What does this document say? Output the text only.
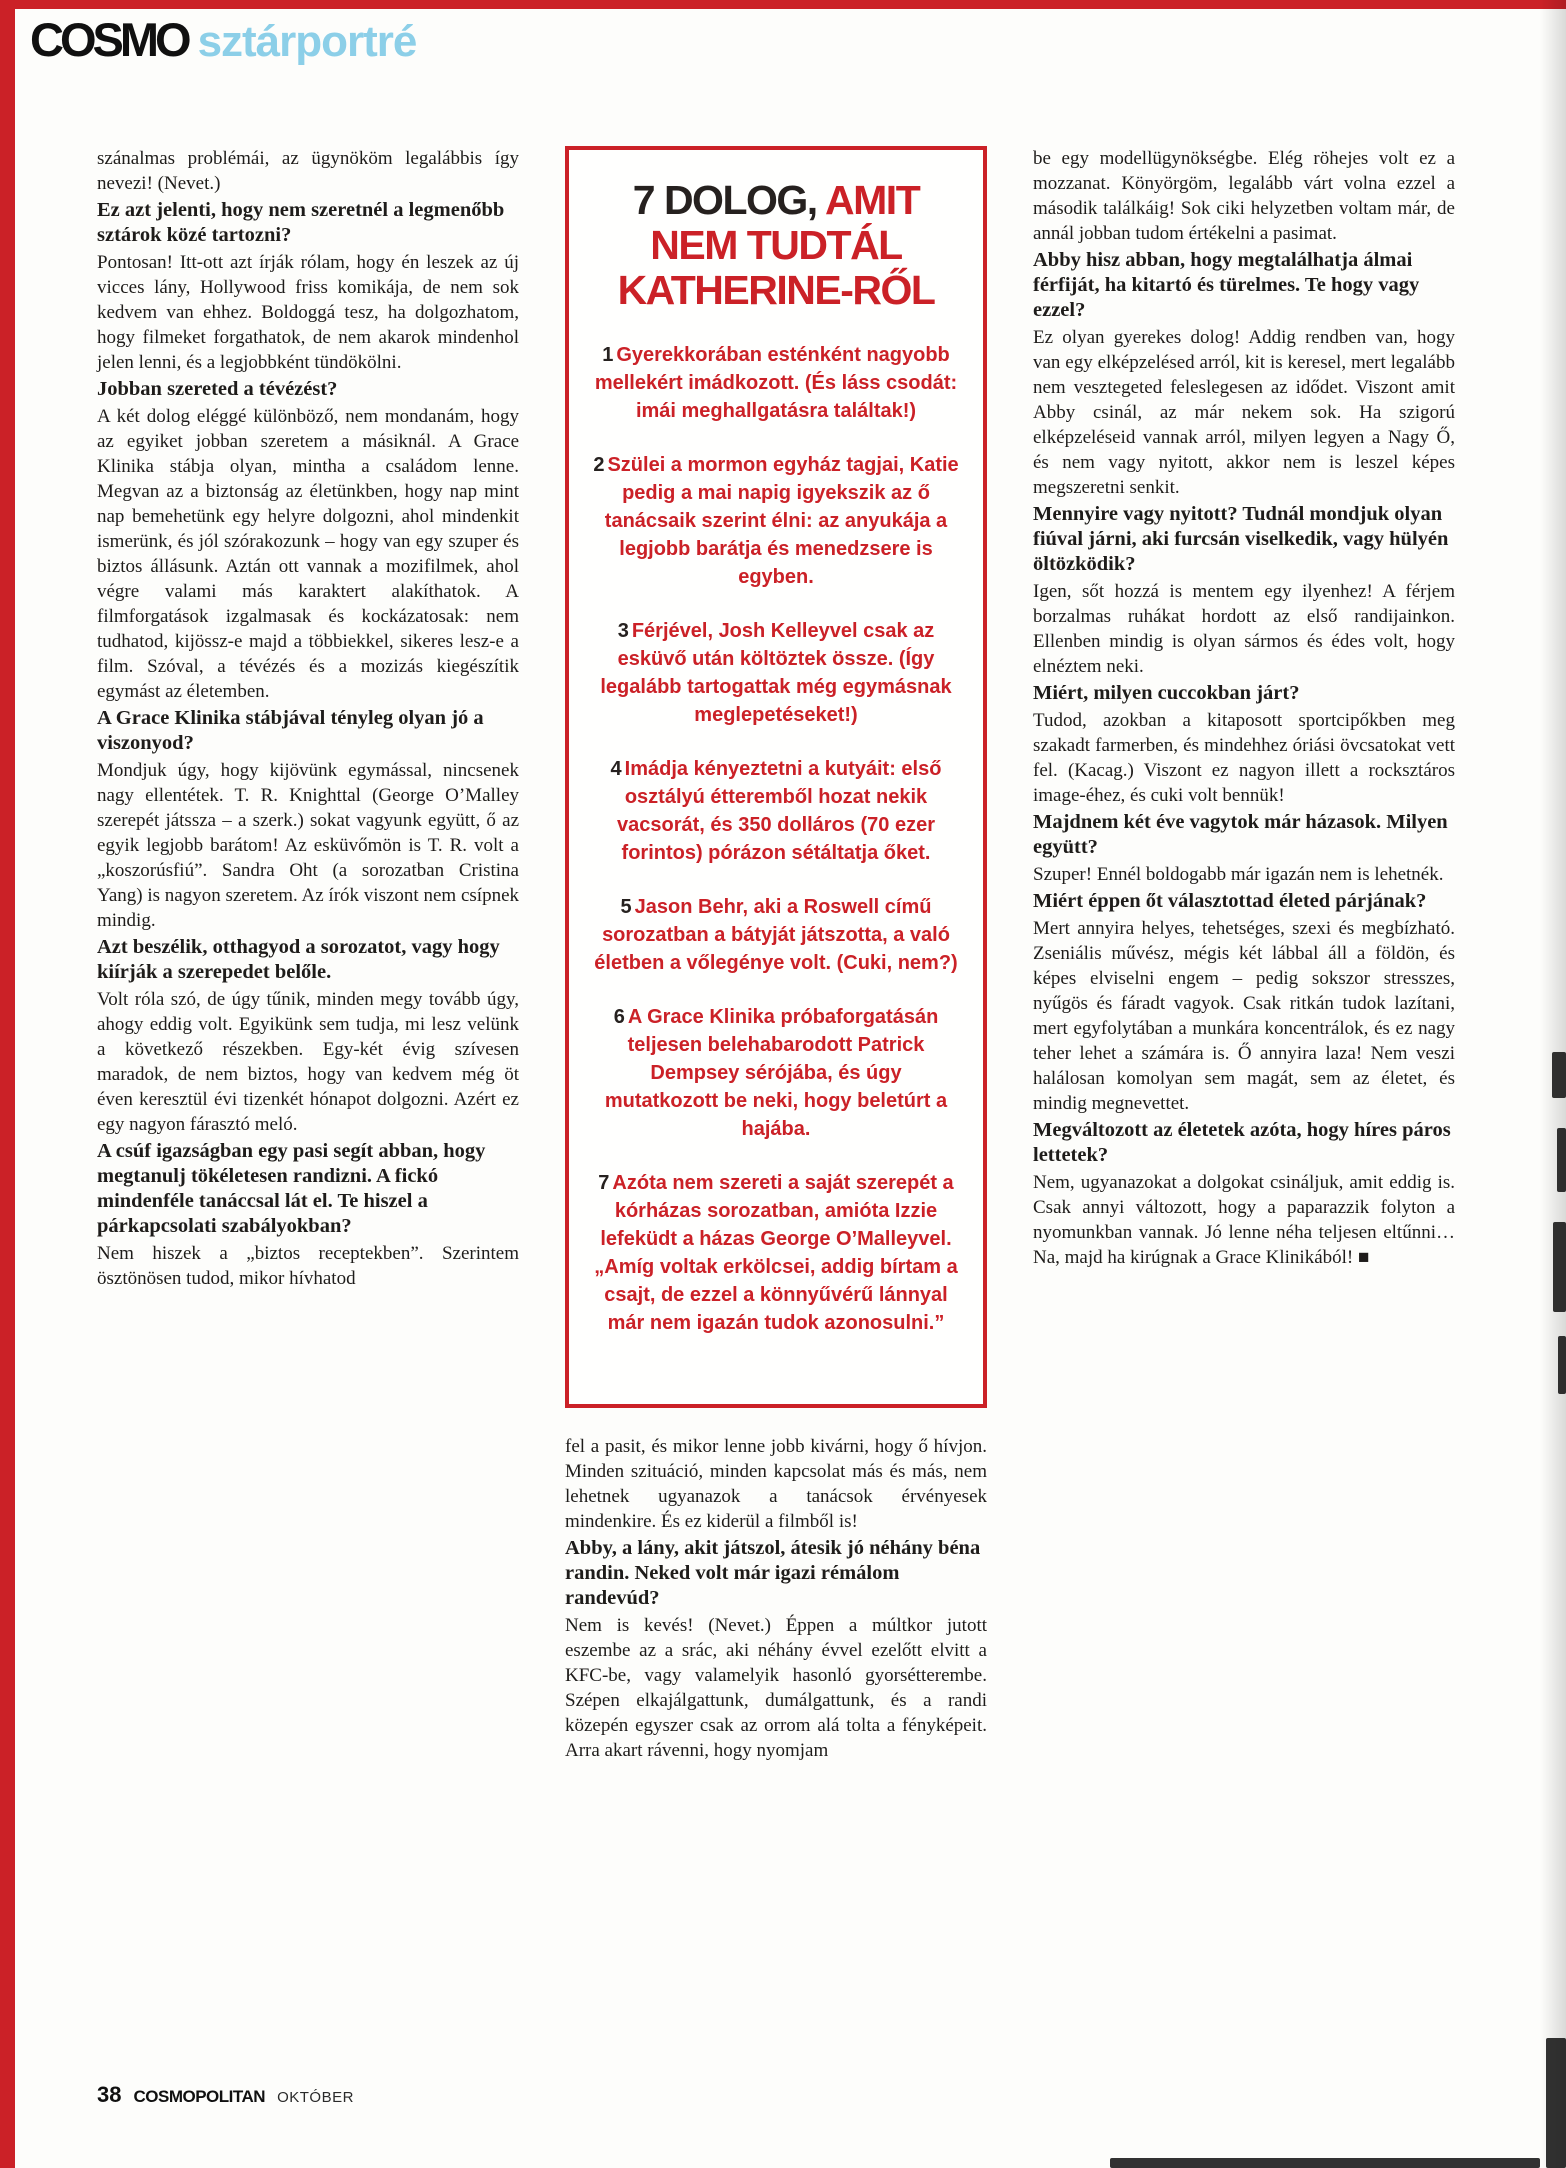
COSMO sztárportré

szánalmas problémái, az ügynököm legalábbis így nevezi! (Nevet.)

Ez azt jelenti, hogy nem szeretnél a legmenőbb sztárok közé tartozni?

Pontosan! Itt-ott azt írják rólam, hogy én leszek az új vicces lány, Hollywood friss komikája, de nem sok kedvem van ehhez. Boldoggá tesz, ha dolgozhatom, hogy filmeket forgathatok, de nem akarok mindenhol jelen lenni, és a legjobbként tündökölni.

Jobban szereted a tévézést?

A két dolog eléggé különböző, nem mondanám, hogy az egyiket jobban szeretem a másiknál. A Grace Klinika stábja olyan, mintha a családom lenne. Megvan az a biztonság az életünkben, hogy nap mint nap bemehetünk egy helyre dolgozni, ahol mindenkit ismerünk, és jól szórakozunk – hogy van egy szuper és biztos állásunk. Aztán ott vannak a mozifilmek, ahol végre valami más karaktert alakíthatok. A filmforgatások izgalmasak és kockázatosak: nem tudhatod, kijössz-e majd a többiekkel, sikeres lesz-e a film. Szóval, a tévézés és a mozizás kiegészítik egymást az életemben.

A Grace Klinika stábjával tényleg olyan jó a viszonyod?

Mondjuk úgy, hogy kijövünk egymással, nincsenek nagy ellentétek. T. R. Knighttal (George O’Malley szerepét játssza – a szerk.) sokat vagyunk együtt, ő az egyik legjobb barátom! Az esküvőmön is T. R. volt a „koszorúsfiú”. Sandra Oht (a sorozatban Cristina Yang) is nagyon szeretem. Az írók viszont nem csípnek mindig.

Azt beszélik, otthagyod a sorozatot, vagy hogy kiírják a szerepedet belőle.

Volt róla szó, de úgy tűnik, minden megy tovább úgy, ahogy eddig volt. Egyikünk sem tudja, mi lesz velünk a következő részekben. Egy-két évig szívesen maradok, de nem biztos, hogy van kedvem még öt éven keresztül évi tizenkét hónapot dolgozni. Azért ez egy nagyon fárasztó meló.

A csúf igazságban egy pasi segít abban, hogy megtanulj tökéletesen randizni. A fickó mindenféle tanáccsal lát el. Te hiszel a párkapcsolati szabályokban?

Nem hiszek a „biztos receptekben”. Szerintem ösztönösen tudod, mikor hívhatod

7 DOLOG, AMIT
NEM TUDTÁL
KATHERINE-RŐL

1 Gyerekkorában esténként nagyobb mellekért imádkozott. (És láss csodát: imái meghallgatásra találtak!)

2 Szülei a mormon egyház tagjai, Katie pedig a mai napig igyekszik az ő tanácsaik szerint élni: az anyukája a legjobb barátja és menedzsere is egyben.

3 Férjével, Josh Kelleyvel csak az esküvő után költöztek össze. (Így legalább tartogattak még egymásnak meglepetéseket!)

4 Imádja kényeztetni a kutyáit: első osztályú étteremből hozat nekik vacsorát, és 350 dolláros (70 ezer forintos) pórázon sétáltatja őket.

5 Jason Behr, aki a Roswell című sorozatban a bátyját játszotta, a való életben a vőlegénye volt. (Cuki, nem?)

6 A Grace Klinika próbaforgatásán teljesen belehabarodott Patrick Dempsey sérójába, és úgy mutatkozott be neki, hogy beletúrt a hajába.

7 Azóta nem szereti a saját szerepét a kórházas sorozatban, amióta Izzie lefeküdt a házas George O’Malleyvel. „Amíg voltak erkölcsei, addig bírtam a csajt, de ezzel a könnyűvérű lánnyal már nem igazán tudok azonosulni.”

fel a pasit, és mikor lenne jobb kivárni, hogy ő hívjon. Minden szituáció, minden kapcsolat más és más, nem lehetnek ugyanazok a tanácsok érvényesek mindenkire. És ez kiderül a filmből is!

Abby, a lány, akit játszol, átesik jó néhány béna randin. Neked volt már igazi rémálom randevúd?

Nem is kevés! (Nevet.) Éppen a múltkor jutott eszembe az a srác, aki néhány évvel ezelőtt elvitt a KFC-be, vagy valamelyik hasonló gyorsétterembe. Szépen elkajálgattunk, dumálgattunk, és a randi közepén egyszer csak az orrom alá tolta a fényképeit. Arra akart rávenni, hogy nyomjam

be egy modellügynökségbe. Elég röhejes volt ez a mozzanat. Könyörgöm, legalább várt volna ezzel a második találkáig! Sok ciki helyzetben voltam már, de annál jobban tudom értékelni a pasimat.

Abby hisz abban, hogy megtalálhatja álmai férfiját, ha kitartó és türelmes. Te hogy vagy ezzel?

Ez olyan gyerekes dolog! Addig rendben van, hogy van egy elképzelésed arról, kit is keresel, mert legalább nem vesztegeted feleslegesen az idődet. Viszont amit Abby csinál, az már nekem sok. Ha szigorú elképzeléseid vannak arról, milyen legyen a Nagy Ő, és nem vagy nyitott, akkor nem is leszel képes megszeretni senkit.

Mennyire vagy nyitott? Tudnál mondjuk olyan fiúval járni, aki furcsán viselkedik, vagy hülyén öltözködik?

Igen, sőt hozzá is mentem egy ilyenhez! A férjem borzalmas ruhákat hordott az első randijainkon. Ellenben mindig is olyan sármos és édes volt, hogy elnéztem neki.

Miért, milyen cuccokban járt?

Tudod, azokban a kitaposott sportcipőkben meg szakadt farmerben, és mindehhez óriási övcsatokat vett fel. (Kacag.) Viszont ez nagyon illett a rocksztáros image-éhez, és cuki volt bennük!

Majdnem két éve vagytok már házasok. Milyen együtt?

Szuper! Ennél boldogabb már igazán nem is lehetnék.

Miért éppen őt választottad életed párjának?

Mert annyira helyes, tehetséges, szexi és megbízható. Zseniális művész, mégis két lábbal áll a földön, és képes elviselni engem – pedig sokszor stresszes, nyűgös és fáradt vagyok. Csak ritkán tudok lazítani, mert egyfolytában a munkára koncentrálok, és ez nagy teher lehet a számára is. Ő annyira laza! Nem veszi halálosan komolyan sem magát, sem az életet, és mindig megnevettet.

Megváltozott az életetek azóta, hogy híres páros lettetek?

Nem, ugyanazokat a dolgokat csináljuk, amit eddig is. Csak annyi változott, hogy a paparazzik folyton a nyomunkban vannak. Jó lenne néha teljesen eltűnni… Na, majd ha kirúgnak a Grace Klinikából! ■

38 COSMOPOLITAN OKTÓBER
